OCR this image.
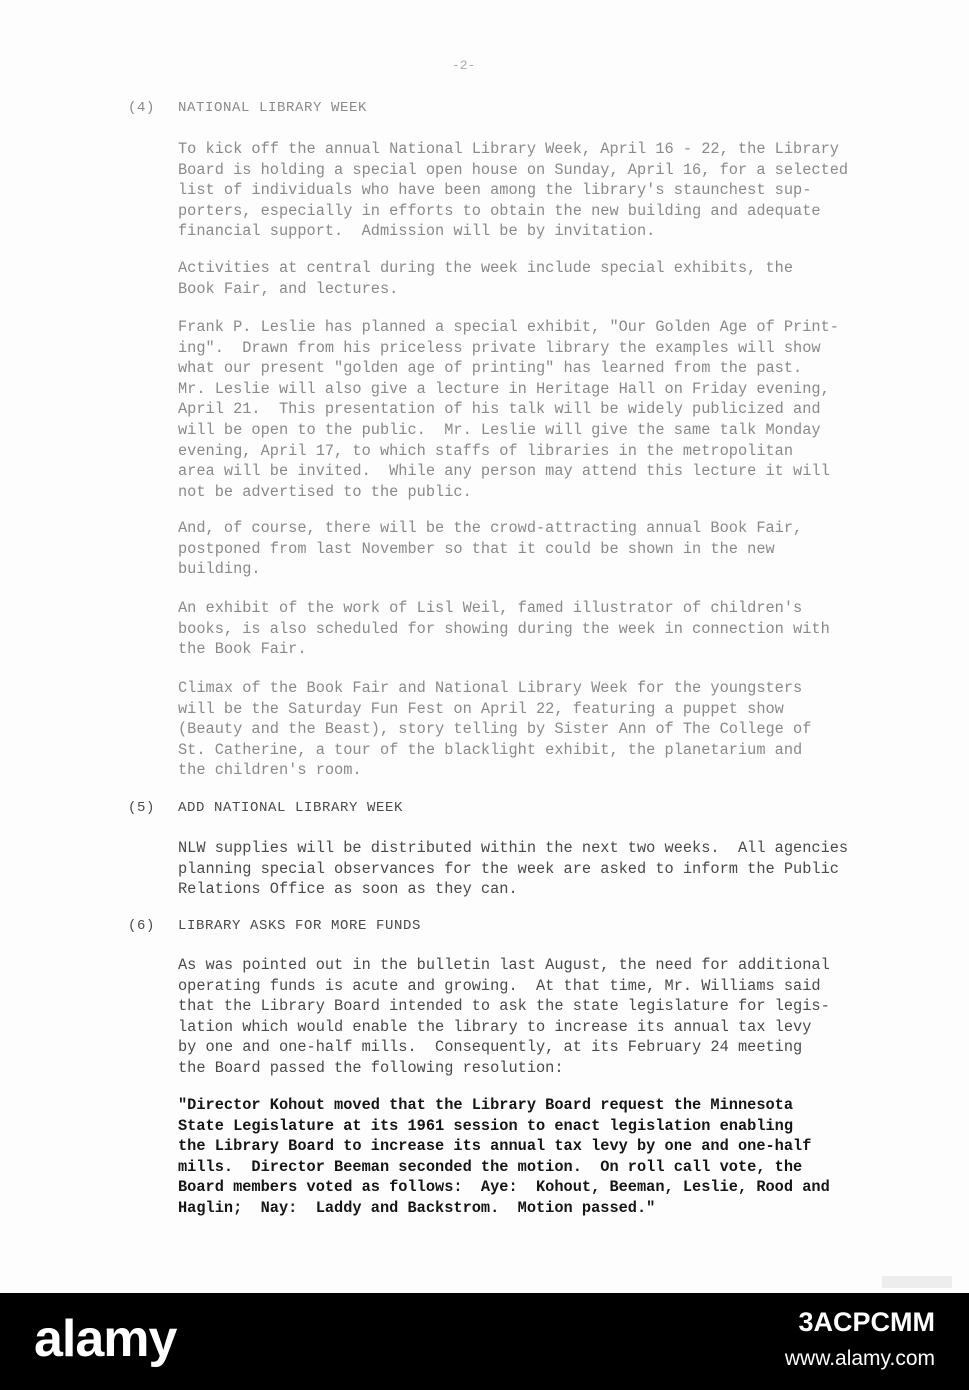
-2-
(4) NATIONAL LIBRARY WEEK
To kick off the annual National Library Week, April 16 - 22, the Library
Board is holding a special open house on Sunday, April 16, for a selected
list of individuals who have been among the library's staunchest sup-
porters, especially in efforts to obtain the new building and adequate
financial support.  Admission will be by invitation.
Activities at central during the week include special exhibits, the
Book Fair, and lectures.
Frank P. Leslie has planned a special exhibit, "Our Golden Age of Print-
ing".  Drawn from his priceless private library the examples will show
what our present "golden age of printing" has learned from the past.
Mr. Leslie will also give a lecture in Heritage Hall on Friday evening,
April 21.  This presentation of his talk will be widely publicized and
will be open to the public.  Mr. Leslie will give the same talk Monday
evening, April 17, to which staffs of libraries in the metropolitan
area will be invited.  While any person may attend this lecture it will
not be advertised to the public.
And, of course, there will be the crowd-attracting annual Book Fair,
postponed from last November so that it could be shown in the new
building.
An exhibit of the work of Lisl Weil, famed illustrator of children's
books, is also scheduled for showing during the week in connection with
the Book Fair.
Climax of the Book Fair and National Library Week for the youngsters
will be the Saturday Fun Fest on April 22, featuring a puppet show
(Beauty and the Beast), story telling by Sister Ann of The College of
St. Catherine, a tour of the blacklight exhibit, the planetarium and
the children's room.
(5) ADD NATIONAL LIBRARY WEEK
NLW supplies will be distributed within the next two weeks.  All agencies
planning special observances for the week are asked to inform the Public
Relations Office as soon as they can.
(6) LIBRARY ASKS FOR MORE FUNDS
As was pointed out in the bulletin last August, the need for additional
operating funds is acute and growing.  At that time, Mr. Williams said
that the Library Board intended to ask the state legislature for legis-
lation which would enable the library to increase its annual tax levy
by one and one-half mills.  Consequently, at its February 24 meeting
the Board passed the following resolution:
"Director Kohout moved that the Library Board request the Minnesota
State Legislature at its 1961 session to enact legislation enabling
the Library Board to increase its annual tax levy by one and one-half
mills.  Director Beeman seconded the motion.  On roll call vote, the
Board members voted as follows:  Aye:  Kohout, Beeman, Leslie, Rood and
Haglin;  Nay:  Laddy and Backstrom.  Motion passed."
alamy	3ACPCMM
www.alamy.com
